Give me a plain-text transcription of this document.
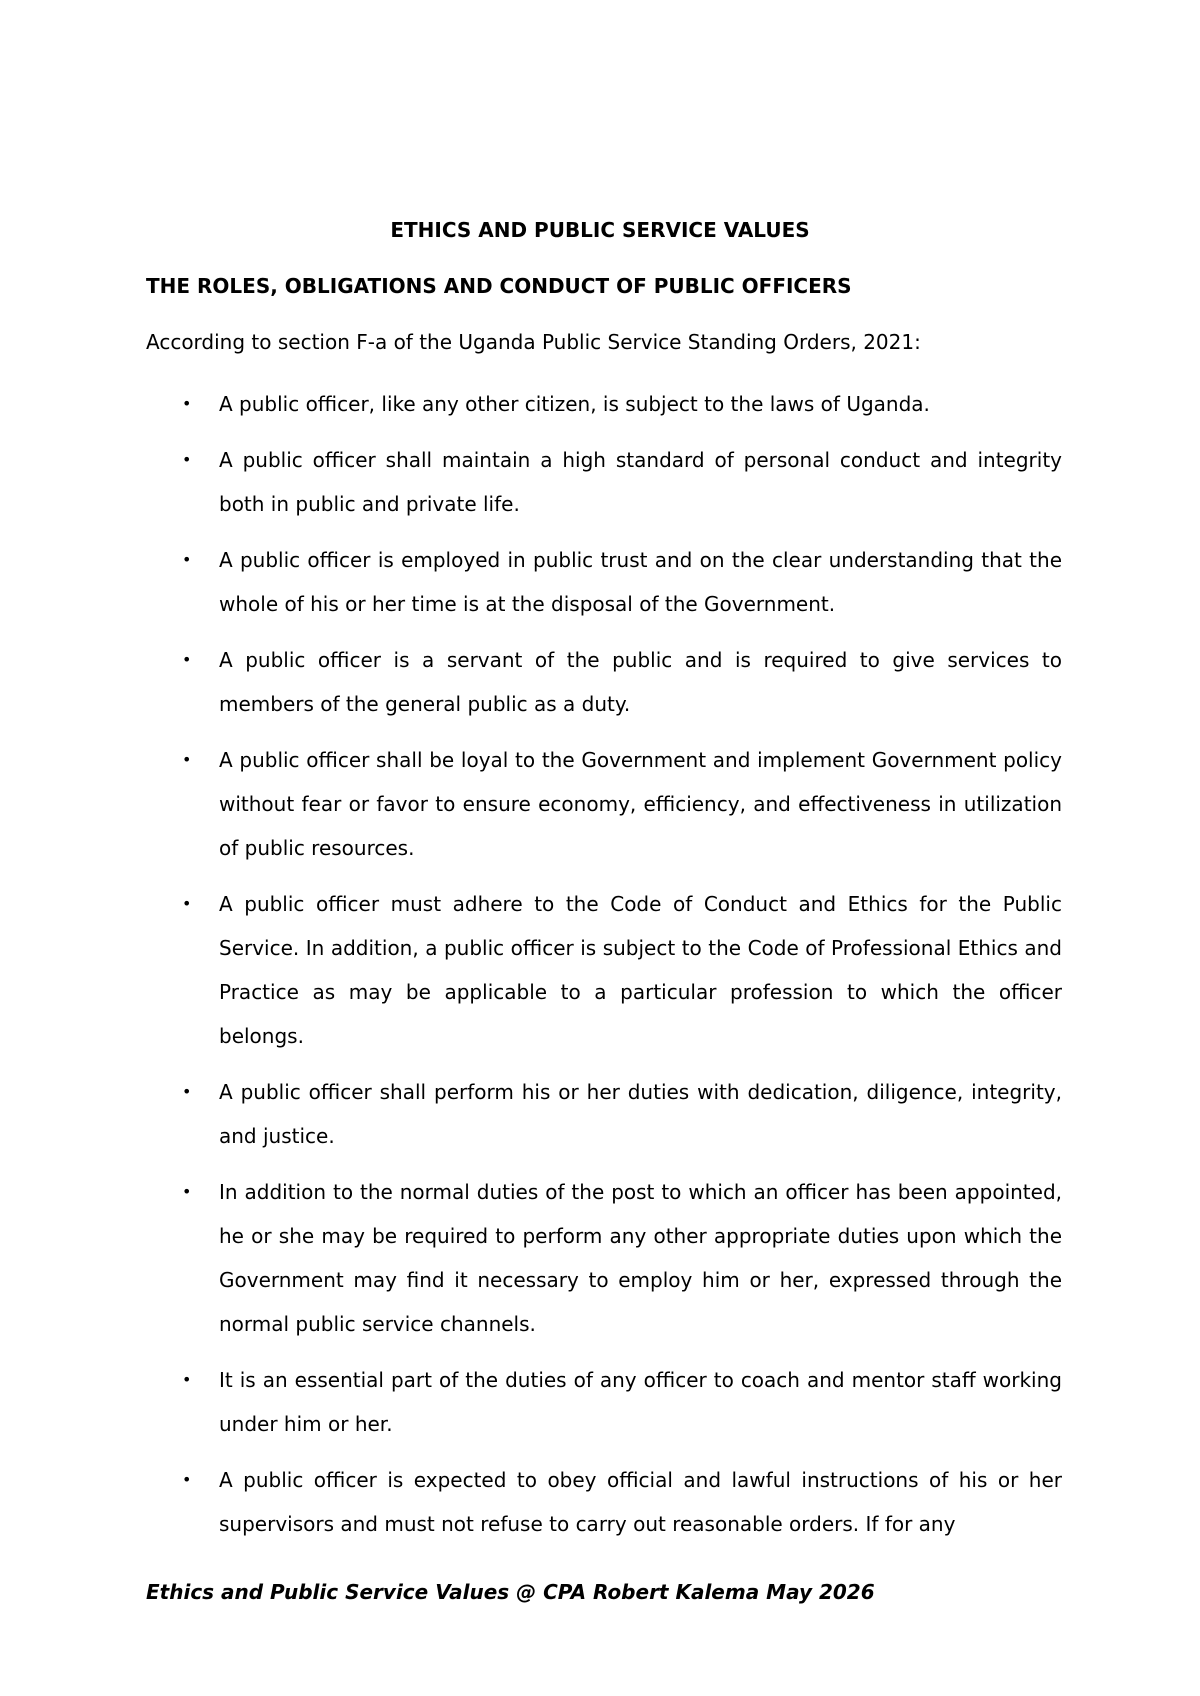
ETHICS AND PUBLIC SERVICE VALUES
THE ROLES, OBLIGATIONS AND CONDUCT OF PUBLIC OFFICERS
According to section F-a of the Uganda Public Service Standing Orders, 2021:
• A public officer, like any other citizen, is subject to the laws of Uganda.
• A public officer shall maintain a high standard of personal conduct and integrity both in public and private life.
• A public officer is employed in public trust and on the clear understanding that the whole of his or her time is at the disposal of the Government.
• A public officer is a servant of the public and is required to give services to members of the general public as a duty.
• A public officer shall be loyal to the Government and implement Government policy without fear or favor to ensure economy, efficiency, and effectiveness in utilization of public resources.
• A public officer must adhere to the Code of Conduct and Ethics for the Public Service. In addition, a public officer is subject to the Code of Professional Ethics and Practice as may be applicable to a particular profession to which the officer belongs.
• A public officer shall perform his or her duties with dedication, diligence, integrity, and justice.
• In addition to the normal duties of the post to which an officer has been appointed, he or she may be required to perform any other appropriate duties upon which the Government may find it necessary to employ him or her, expressed through the normal public service channels.
• It is an essential part of the duties of any officer to coach and mentor staff working under him or her.
• A public officer is expected to obey official and lawful instructions of his or her supervisors and must not refuse to carry out reasonable orders. If for any
Ethics and Public Service Values @ CPA Robert Kalema May 2026
